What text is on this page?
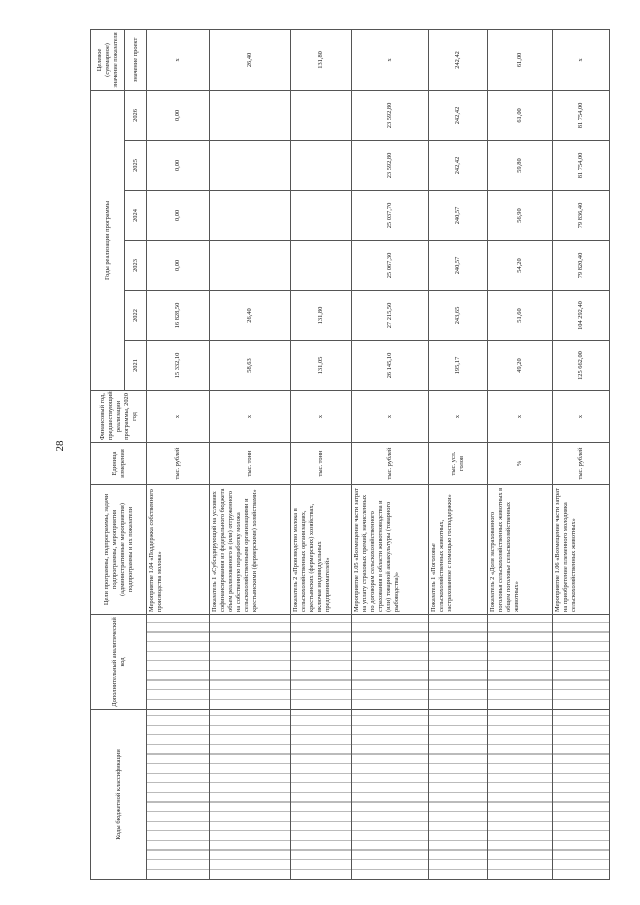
28
Коды бюджетной классификации	Дополнительный аналитический код	Цели программы, подпрограммы, задачи подпрограммы, мероприятия (административные мероприятия) подпрограммы и их показатели	Единица измерения	Финансовый год, предшествующий реализации программы, 2020 год	Годы реализации программы						Целевое (суммарное) значение показателя
					2021	2022	2023	2024	2025	2026	значение проект
		Мероприятие 1.04 «Поддержка собственного производства молока»	тыс. рублей	x	15 332,10	16 828,50	0,00	0,00	0,00	0,00	x
		Показатель 1 «Субсидирующий на условиях софинансирования из федерального бюджета объем реализованного и (или) отгруженного на собственную переработку молока сельскохозяйственными организациями и крестьянскими (фермерскими) хозяйствами»	тыс. тонн	x	58,63	26,40					26,40
		Показатель 2 «Производство молока в сельскохозяйственных организациях, крестьянских (фермерских) хозяйствах, включая индивидуальных предпринимателей»	тыс. тонн	x	131,05	131,80					131,80
		Мероприятие 1.05 «Возмещение части затрат на уплату страховых премий, начисленных по договорам сельскохозяйственного страхования в области животноводства и (или) товарной аквакультуры (товарного рыбоводства)»	тыс. рублей	x	26 145,10	27 215,50	25 067,30	25 037,70	23 592,80	23 592,80	x
		Показатель 1 «Поголовье сельскохозяйственных животных, застрахованное с помощью господдержки»	тыс. усл. голов	x	195,17	243,65	240,57	240,57	242,42	242,42	242,42
		Показатель 2 «Доля застрахованного поголовья сельскохозяйственных животных в общем поголовье сельскохозяйственных животных»	%	x	49,20	51,60	54,20	56,90	59,80	61,00	61,00
		Мероприятие 1.06 «Возмещение части затрат на приобретение племенного молодняка сельскохозяйственных животных»	тыс. рублей	x	125 662,00	104 292,40	79 820,40	79 836,40	81 754,00	81 754,00	x
